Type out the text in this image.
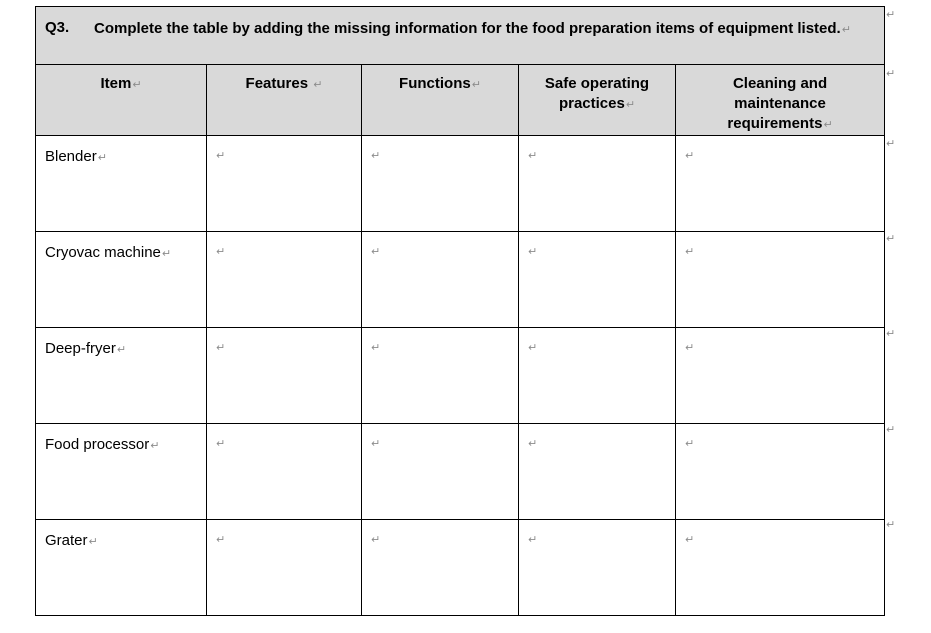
Q3. Complete the table by adding the missing information for the food preparation items of equipment listed.↵				

Item↵	Features ↵	Functions↵	Safe operating practices↵	Cleaning and maintenance requirements↵

Blender↵	↵	↵	↵	↵

Cryovac machine↵	↵	↵	↵	↵

Deep-fryer↵	↵	↵	↵	↵

Food processor↵	↵	↵	↵	↵

Grater↵	↵	↵	↵	↵
↵
↵
↵
↵
↵
↵
↵
